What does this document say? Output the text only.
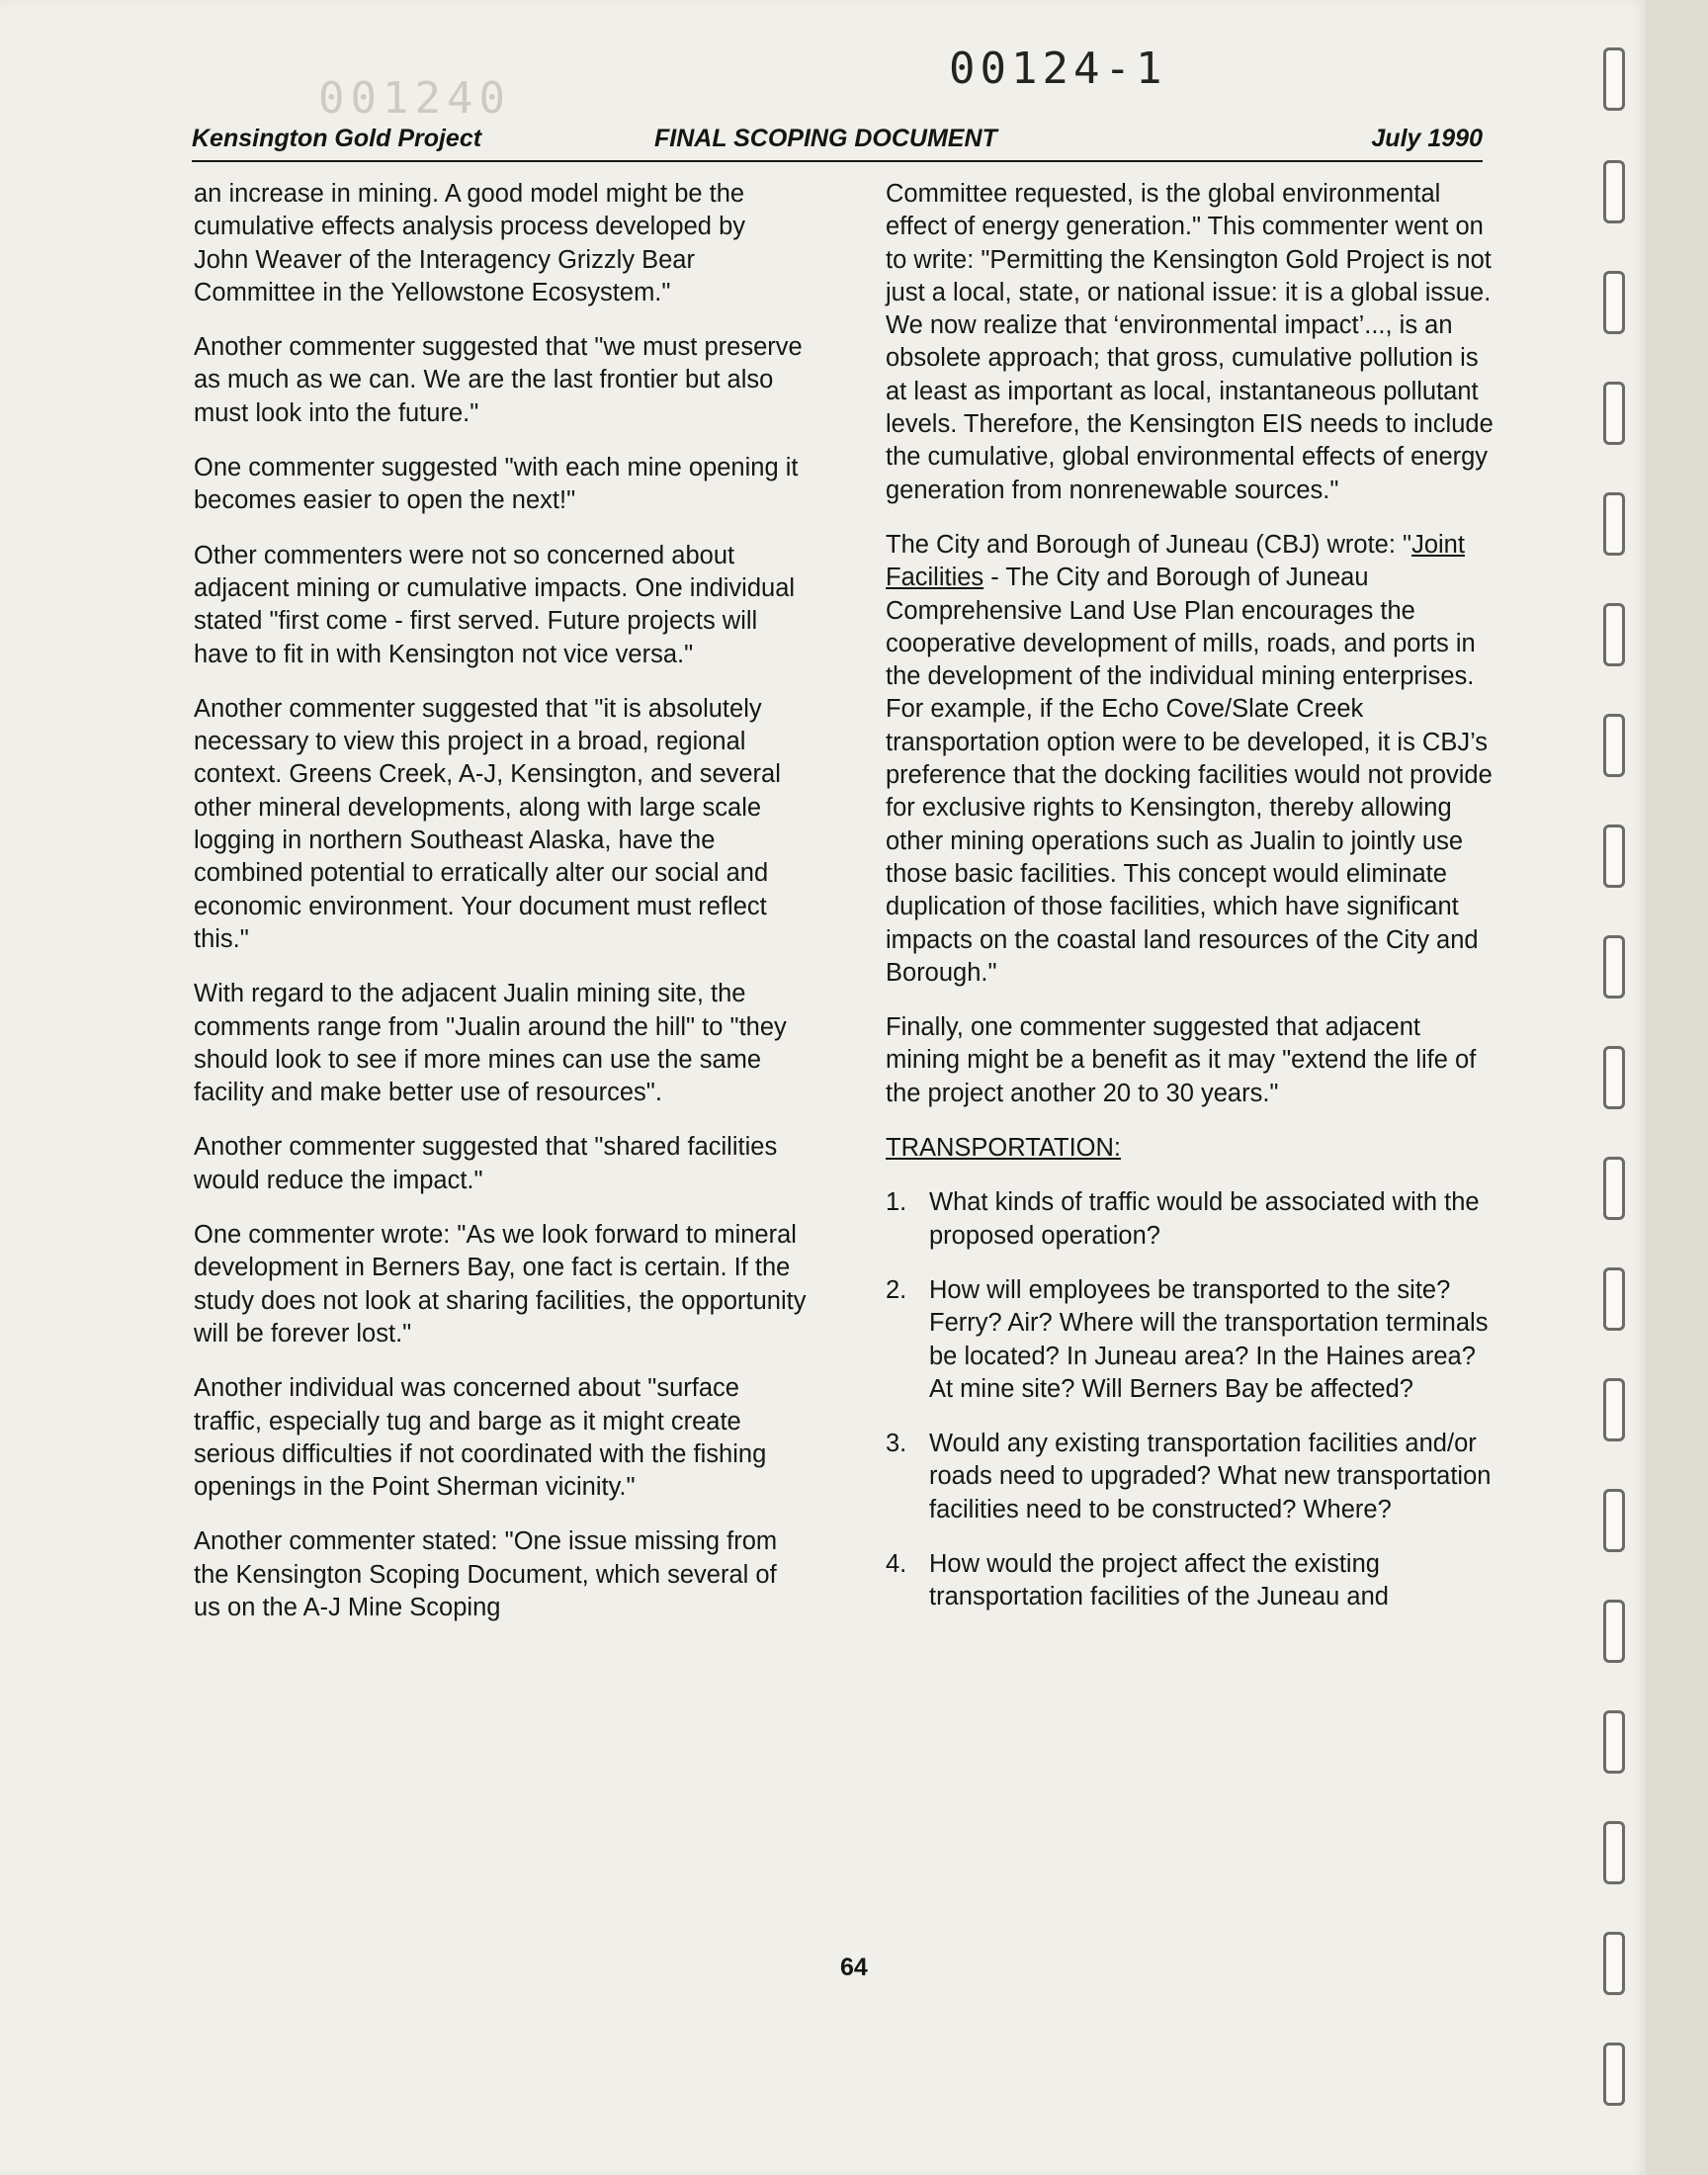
001240
00124-1
Kensington Gold Project	FINAL SCOPING DOCUMENT	July 1990

an increase in mining. A good model might be the cumulative effects analysis process developed by John Weaver of the Interagency Grizzly Bear Committee in the Yellowstone Ecosystem."

Another commenter suggested that "we must preserve as much as we can. We are the last frontier but also must look into the future."

One commenter suggested "with each mine opening it becomes easier to open the next!"

Other commenters were not so concerned about adjacent mining or cumulative impacts. One individual stated "first come - first served. Future projects will have to fit in with Kensington not vice versa."

Another commenter suggested that "it is absolutely necessary to view this project in a broad, regional context. Greens Creek, A-J, Kensington, and several other mineral developments, along with large scale logging in northern Southeast Alaska, have the combined potential to erratically alter our social and economic environment. Your document must reflect this."

With regard to the adjacent Jualin mining site, the comments range from "Jualin around the hill" to "they should look to see if more mines can use the same facility and make better use of resources".

Another commenter suggested that "shared facilities would reduce the impact."

One commenter wrote: "As we look forward to mineral development in Berners Bay, one fact is certain. If the study does not look at sharing facilities, the opportunity will be forever lost."

Another individual was concerned about "surface traffic, especially tug and barge as it might create serious difficulties if not coordinated with the fishing openings in the Point Sherman vicinity."

Another commenter stated: "One issue missing from the Kensington Scoping Document, which several of us on the A-J Mine Scoping

Committee requested, is the global environmental effect of energy generation." This commenter went on to write: "Permitting the Kensington Gold Project is not just a local, state, or national issue: it is a global issue. We now realize that ‘environmental impact’..., is an obsolete approach; that gross, cumulative pollution is at least as important as local, instantaneous pollutant levels. Therefore, the Kensington EIS needs to include the cumulative, global environmental effects of energy generation from nonrenewable sources."

The City and Borough of Juneau (CBJ) wrote: "Joint Facilities - The City and Borough of Juneau Comprehensive Land Use Plan encourages the cooperative development of mills, roads, and ports in the development of the individual mining enterprises. For example, if the Echo Cove/Slate Creek transportation option were to be developed, it is CBJ’s preference that the docking facilities would not provide for exclusive rights to Kensington, thereby allowing other mining operations such as Jualin to jointly use those basic facilities. This concept would eliminate duplication of those facilities, which have significant impacts on the coastal land resources of the City and Borough."

Finally, one commenter suggested that adjacent mining might be a benefit as it may "extend the life of the project another 20 to 30 years."

TRANSPORTATION:
1. What kinds of traffic would be associated with the proposed operation?
2. How will employees be transported to the site? Ferry? Air? Where will the transportation terminals be located? In Juneau area? In the Haines area? At mine site? Will Berners Bay be affected?
3. Would any existing transportation facilities and/or roads need to upgraded? What new transportation facilities need to be constructed? Where?
4. How would the project affect the existing transportation facilities of the Juneau and
64
